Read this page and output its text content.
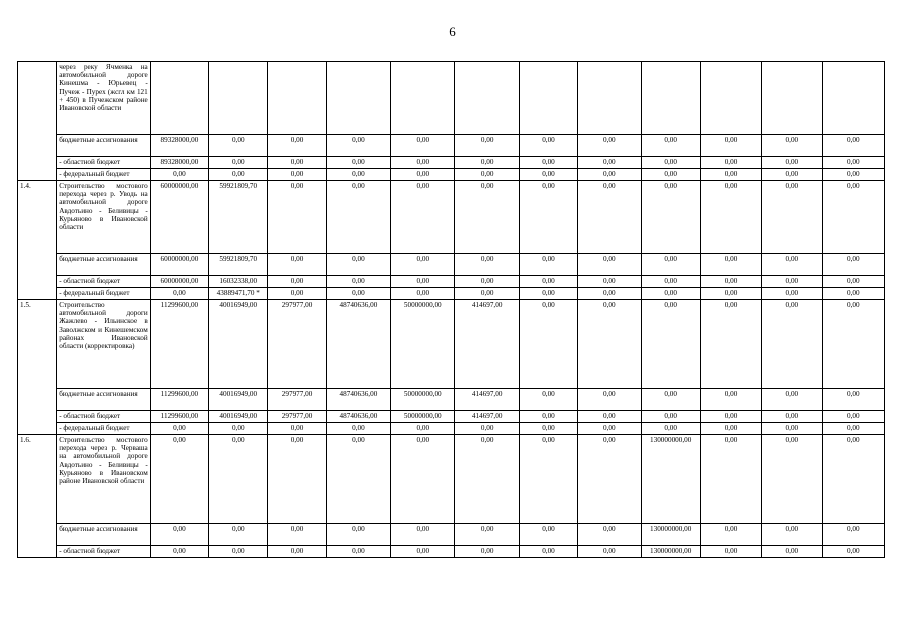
6
	через реку Ячменка на автомобильной дороге Кинешма - Юрьевец - Пучеж - Пурех (жсгл км 121 + 450) в Пучежском районе Ивановской области												
	бюджетные ассигнования	89328000,00	0,00	0,00	0,00	0,00	0,00	0,00	0,00	0,00	0,00	0,00	0,00
	- областной бюджет	89328000,00	0,00	0,00	0,00	0,00	0,00	0,00	0,00	0,00	0,00	0,00	0,00
	- федеральный бюджет	0,00	0,00	0,00	0,00	0,00	0,00	0,00	0,00	0,00	0,00	0,00	0,00
1.4.	Строительство мостового перехода через р. Уводь на автомобильной дороге Авдотьино - Беливицы - Курьяново в Ивановской области	60000000,00	59921809,70	0,00	0,00	0,00	0,00	0,00	0,00	0,00	0,00	0,00	0,00
	бюджетные ассигнования	60000000,00	59921809,70	0,00	0,00	0,00	0,00	0,00	0,00	0,00	0,00	0,00	0,00
	- областной бюджет	60000000,00	16032338,00	0,00	0,00	0,00	0,00	0,00	0,00	0,00	0,00	0,00	0,00
	- федеральный бюджет	0,00	43889471,70 *	0,00	0,00	0,00	0,00	0,00	0,00	0,00	0,00	0,00	0,00
1.5.	Строительство автомобильной дороги Жажлево - Ильинское в Заволжском и Кинешемском районах Ивановской области (корректировка)	11299600,00	40016949,00	297977,00	48740636,00	50000000,00	414697,00	0,00	0,00	0,00	0,00	0,00	0,00
	бюджетные ассигнования	11299600,00	40016949,00	297977,00	48740636,00	50000000,00	414697,00	0,00	0,00	0,00	0,00	0,00	0,00
	- областной бюджет	11299600,00	40016949,00	297977,00	48740636,00	50000000,00	414697,00	0,00	0,00	0,00	0,00	0,00	0,00
	- федеральный бюджет	0,00	0,00	0,00	0,00	0,00	0,00	0,00	0,00	0,00	0,00	0,00	0,00
1.6.	Строительство мостового перехода через р. Черваша на автомобильной дороге Авдотьино - Беливицы - Курьяново в Ивановском районе Ивановской области	0,00	0,00	0,00	0,00	0,00	0,00	0,00	0,00	130000000,00	0,00	0,00	0,00
	бюджетные ассигнования	0,00	0,00	0,00	0,00	0,00	0,00	0,00	0,00	130000000,00	0,00	0,00	0,00
	- областной бюджет	0,00	0,00	0,00	0,00	0,00	0,00	0,00	0,00	130000000,00	0,00	0,00	0,00
